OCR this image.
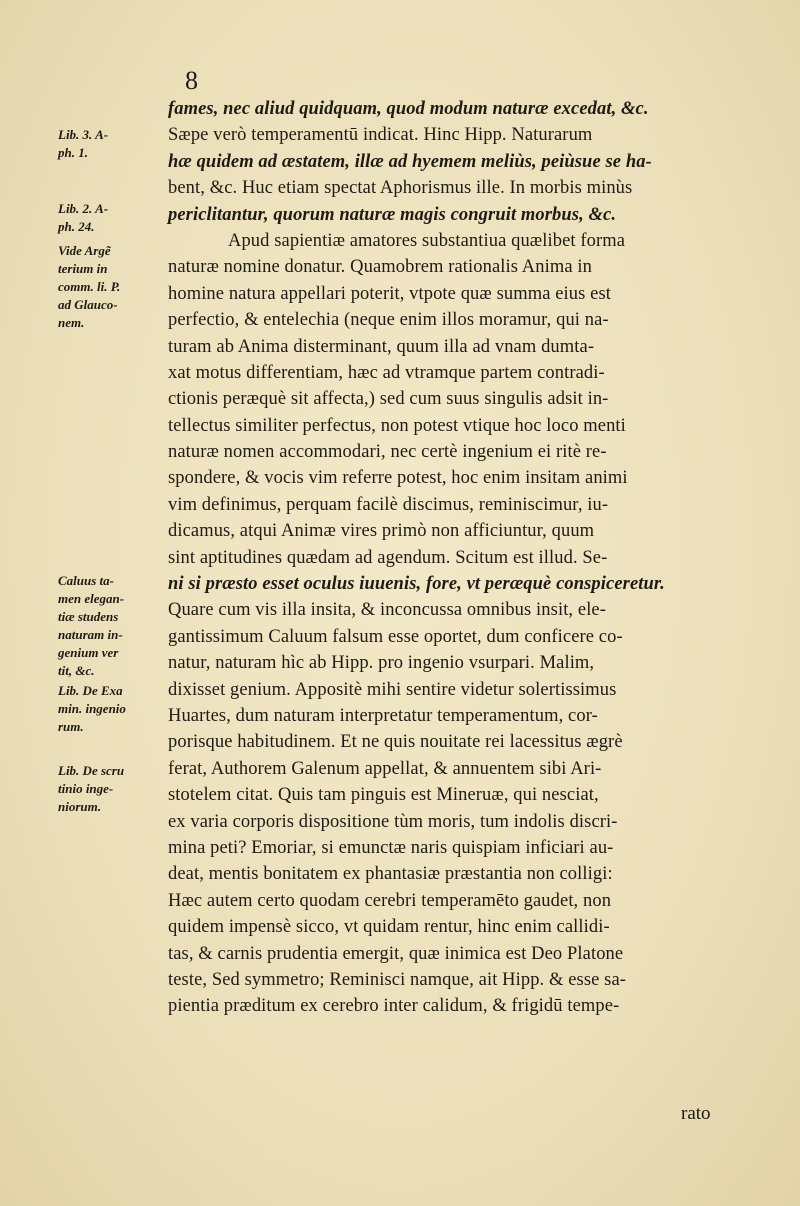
8
Lib. 3. A-
ph. 1.
Lib. 2. A-
ph. 24.
Vide Argẽ
terium in
comm. li. P.
ad Glauco-
nem.
Caluus ta-
men elegan-
tiæ studens
naturam in-
genium ver
tit, &c.
Lib. De Exa
min. ingenio
rum.
Lib. De scru
tinio inge-
niorum.
fames, nec aliud quidquam, quod modum naturæ excedat, &c.
Sæpe verò temperamentū indicat. Hinc Hipp. Naturarum
hæ quidem ad æstatem, illæ ad hyemem meliùs, peiùsue se ha-
bent, &c. Huc etiam spectat Aphorismus ille. In morbis minùs
periclitantur, quorum naturæ magis congruit morbus, &c.
Apud sapientiæ amatores substantiua quælibet forma
naturæ nomine donatur. Quamobrem rationalis Anima in
homine natura appellari poterit, vtpote quæ summa eius est
perfectio, & entelechia (neque enim illos moramur, qui na-
turam ab Anima disterminant, quum illa ad vnam dumta-
xat motus differentiam, hæc ad vtramque partem contradi-
ctionis peræquè sit affecta,) sed cum suus singulis adsit in-
tellectus similiter perfectus, non potest vtique hoc loco menti
naturæ nomen accommodari, nec certè ingenium ei ritè re-
spondere, & vocis vim referre potest, hoc enim insitam animi
vim definimus, perquam facilè discimus, reminiscimur, iu-
dicamus, atqui Animæ vires primò non afficiuntur, quum
sint aptitudines quædam ad agendum. Scitum est illud. Se-
ni si præsto esset oculus iuuenis, fore, vt peræquè conspiceretur.
Quare cum vis illa insita, & inconcussa omnibus insit, ele-
gantissimum Caluum falsum esse oportet, dum conficere co-
natur, naturam hìc ab Hipp. pro ingenio vsurpari. Malim,
dixisset genium. Appositè mihi sentire videtur solertissimus
Huartes, dum naturam interpretatur temperamentum, cor-
porisque habitudinem. Et ne quis nouitate rei lacessitus ægrè
ferat, Authorem Galenum appellat, & annuentem sibi Ari-
stotelem citat. Quis tam pinguis est Mineruæ, qui nesciat,
ex varia corporis dispositione tùm moris, tum indolis discri-
mina peti? Emoriar, si emunctæ naris quispiam inficiari au-
deat, mentis bonitatem ex phantasiæ præstantia non colligi:
Hæc autem certo quodam cerebri temperamēto gaudet, non
quidem impensè sicco, vt quidam rentur, hinc enim callidi-
tas, & carnis prudentia emergit, quæ inimica est Deo Platone
teste, Sed symmetro; Reminisci namque, ait Hipp. & esse sa-
pientia præditum ex cerebro inter calidum, & frigidū tempe-
rato
